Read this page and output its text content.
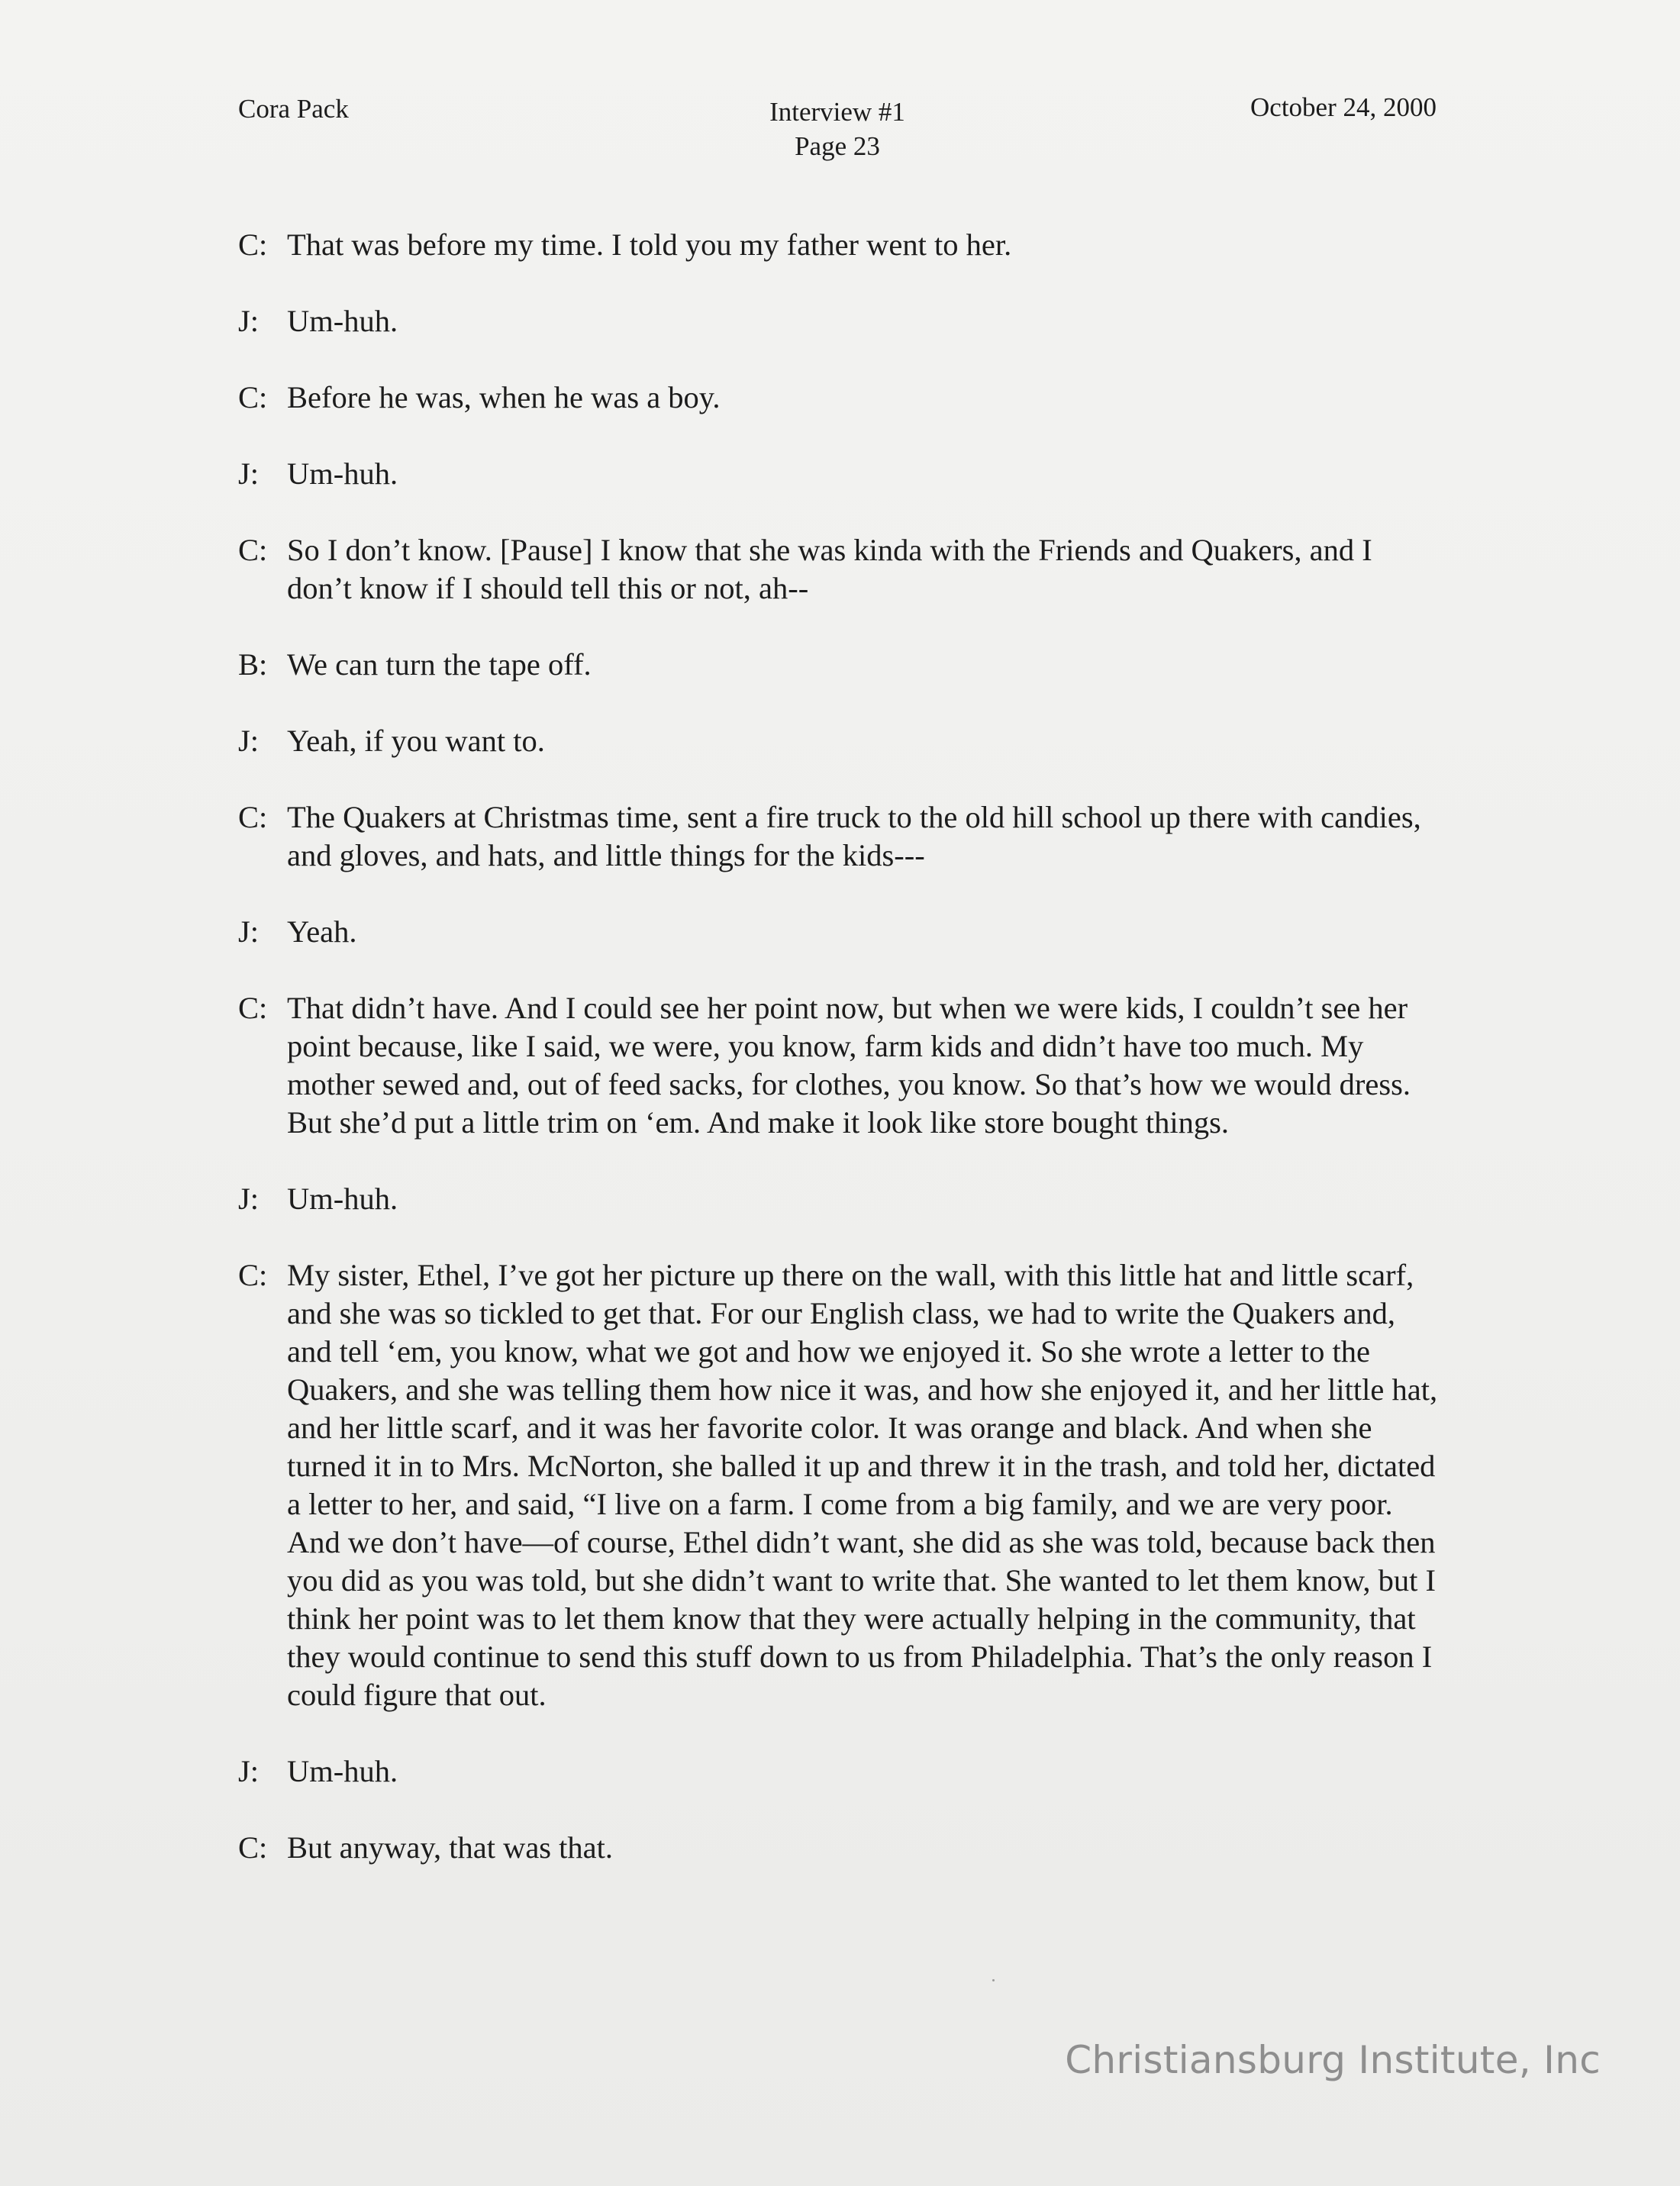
Cora Pack	Interview #1
Page 23
October 24, 2000
C: That was before my time. I told you my father went to her.
J: Um-huh.
C: Before he was, when he was a boy.
J: Um-huh.
C: So I don’t know. [Pause] I know that she was kinda with the Friends and Quakers, and I don’t know if I should tell this or not, ah--
B: We can turn the tape off.
J: Yeah, if you want to.
C: The Quakers at Christmas time, sent a fire truck to the old hill school up there with candies, and gloves, and hats, and little things for the kids---
J: Yeah.
C: That didn’t have. And I could see her point now, but when we were kids, I couldn’t see her point because, like I said, we were, you know, farm kids and didn’t have too much. My mother sewed and, out of feed sacks, for clothes, you know. So that’s how we would dress. But she’d put a little trim on ‘em. And make it look like store bought things.
J: Um-huh.
C: My sister, Ethel, I’ve got her picture up there on the wall, with this little hat and little scarf, and she was so tickled to get that. For our English class, we had to write the Quakers and, and tell ‘em, you know, what we got and how we enjoyed it. So she wrote a letter to the Quakers, and she was telling them how nice it was, and how she enjoyed it, and her little hat, and her little scarf, and it was her favorite color. It was orange and black. And when she turned it in to Mrs. McNorton, she balled it up and threw it in the trash, and told her, dictated a letter to her, and said, “I live on a farm. I come from a big family, and we are very poor. And we don’t have—of course, Ethel didn’t want, she did as she was told, because back then you did as you was told, but she didn’t want to write that. She wanted to let them know, but I think her point was to let them know that they were actually helping in the community, that they would continue to send this stuff down to us from Philadelphia. That’s the only reason I could figure that out.
J: Um-huh.
C: But anyway, that was that.
Christiansburg Institute, Inc
